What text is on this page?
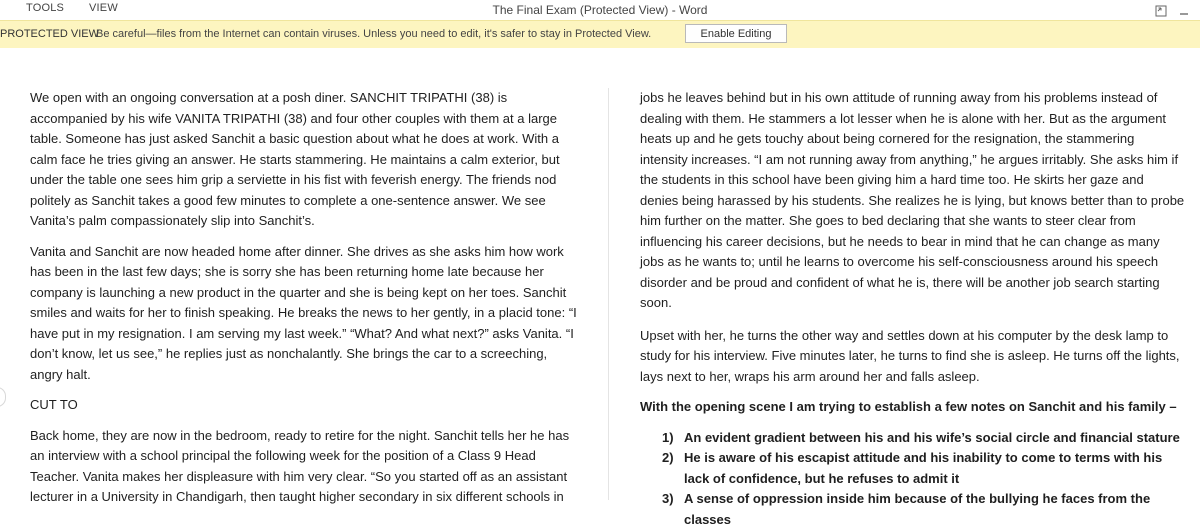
TOOLS VIEW	The Final Exam (Protected View) - Word
PROTECTED VIEW
Be careful—files from the Internet can contain viruses. Unless you need to edit, it's safer to stay in Protected View.	Enable Editing

We open with an ongoing conversation at a posh diner. SANCHIT TRIPATHI (38) is accompanied by his wife VANITA TRIPATHI (38) and four other couples with them at a large table. Someone has just asked Sanchit a basic question about what he does at work. With a calm face he tries giving an answer. He starts stammering. He maintains a calm exterior, but under the table one sees him grip a serviette in his fist with feverish energy. The friends nod politely as Sanchit takes a good few minutes to complete a one-sentence answer. We see Vanita’s palm compassionately slip into Sanchit’s.

Vanita and Sanchit are now headed home after dinner. She drives as she asks him how work has been in the last few days; she is sorry she has been returning home late because her company is launching a new product in the quarter and she is being kept on her toes. Sanchit smiles and waits for her to finish speaking. He breaks the news to her gently, in a placid tone: “I have put in my resignation. I am serving my last week.” “What? And what next?” asks Vanita. “I don’t know, let us see,” he replies just as nonchalantly. She brings the car to a screeching, angry halt.

CUT TO

Back home, they are now in the bedroom, ready to retire for the night. Sanchit tells her he has an interview with a school principal the following week for the position of a Class 9 Head Teacher. Vanita makes her displeasure with him very clear. “So you started off as an assistant lecturer in a University in Chandigarh, then taught higher secondary in six different schools in

jobs he leaves behind but in his own attitude of running away from his problems instead of dealing with them. He stammers a lot lesser when he is alone with her. But as the argument heats up and he gets touchy about being cornered for the resignation, the stammering intensity increases. “I am not running away from anything,” he argues irritably. She asks him if the students in this school have been giving him a hard time too. He skirts her gaze and denies being harassed by his students. She realizes he is lying, but knows better than to probe him further on the matter. She goes to bed declaring that she wants to steer clear from influencing his career decisions, but he needs to bear in mind that he can change as many jobs as he wants to; until he learns to overcome his self-consciousness around his speech disorder and be proud and confident of what he is, there will be another job search starting soon.

Upset with her, he turns the other way and settles down at his computer by the desk lamp to study for his interview. Five minutes later, he turns to find she is asleep. He turns off the lights, lays next to her, wraps his arm around her and falls asleep.

With the opening scene I am trying to establish a few notes on Sanchit and his family –

1) An evident gradient between his and his wife’s social circle and financial stature
2) He is aware of his escapist attitude and his inability to come to terms with his lack of confidence, but he refuses to admit it
3) A sense of oppression inside him because of the bullying he faces from the classes
